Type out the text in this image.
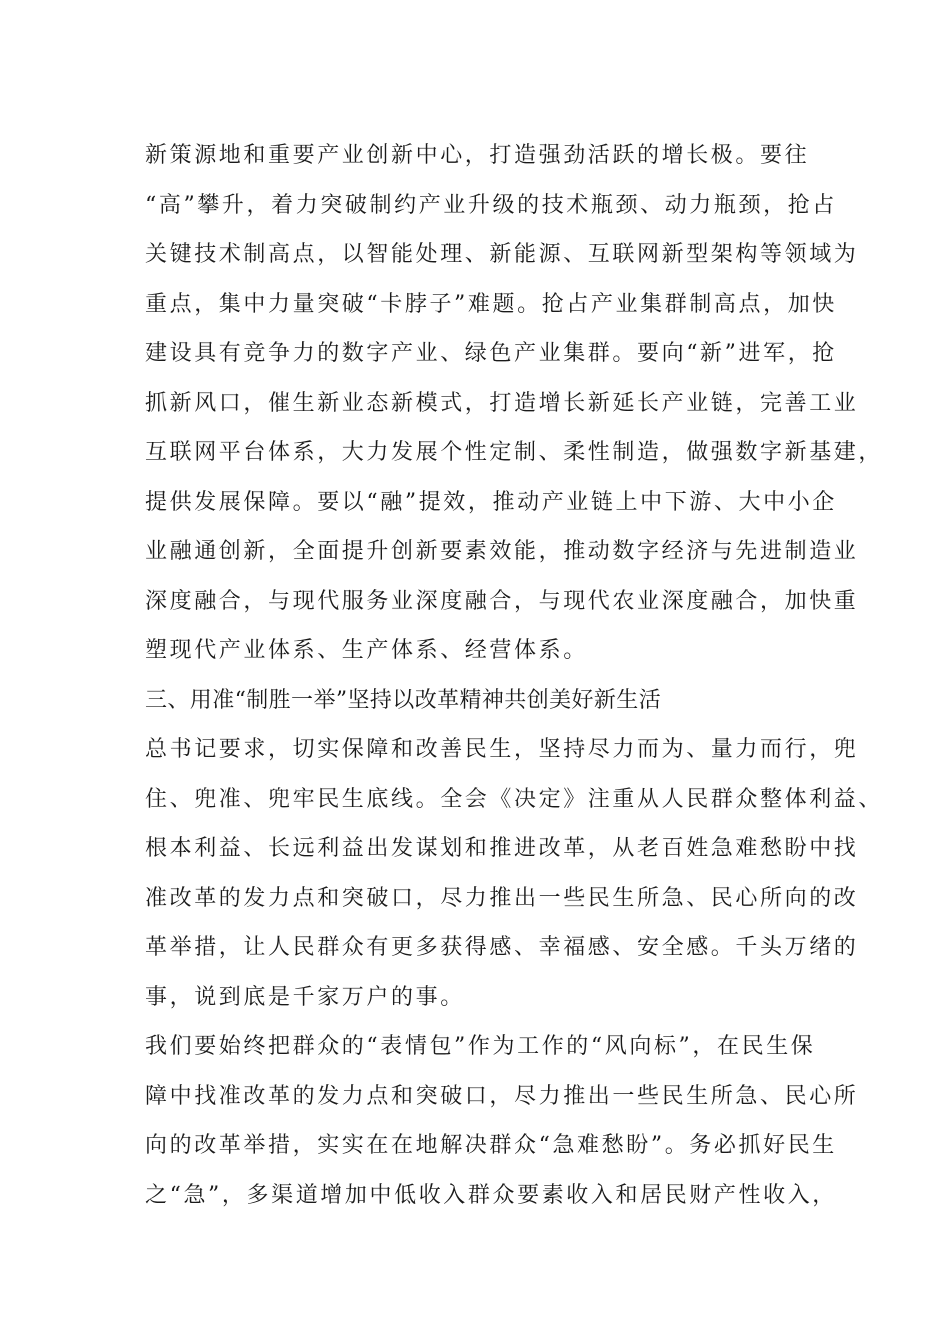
新策源地和重要产业创新中心，打造强劲活跃的增长极。要往
“高”攀升，着力突破制约产业升级的技术瓶颈、动力瓶颈，抢占
关键技术制高点，以智能处理、新能源、互联网新型架构等领域为
重点，集中力量突破“卡脖子”难题。抢占产业集群制高点，加快
建设具有竞争力的数字产业、绿色产业集群。要向“新”进军，抢
抓新风口，催生新业态新模式，打造增长新延长产业链，完善工业
互联网平台体系，大力发展个性定制、柔性制造，做强数字新基建，
提供发展保障。要以“融”提效，推动产业链上中下游、大中小企
业融通创新，全面提升创新要素效能，推动数字经济与先进制造业
深度融合，与现代服务业深度融合，与现代农业深度融合，加快重
塑现代产业体系、生产体系、经营体系。
三、用准“制胜一举”坚持以改革精神共创美好新生活
总书记要求，切实保障和改善民生，坚持尽力而为、量力而行，兜
住、兜准、兜牢民生底线。全会《决定》注重从人民群众整体利益、
根本利益、长远利益出发谋划和推进改革，从老百姓急难愁盼中找
准改革的发力点和突破口，尽力推出一些民生所急、民心所向的改
革举措，让人民群众有更多获得感、幸福感、安全感。千头万绪的
事，说到底是千家万户的事。
我们要始终把群众的“表情包”作为工作的“风向标”，在民生保
障中找准改革的发力点和突破口，尽力推出一些民生所急、民心所
向的改革举措，实实在在地解决群众“急难愁盼”。务必抓好民生
之“急”，多渠道增加中低收入群众要素收入和居民财产性收入，
